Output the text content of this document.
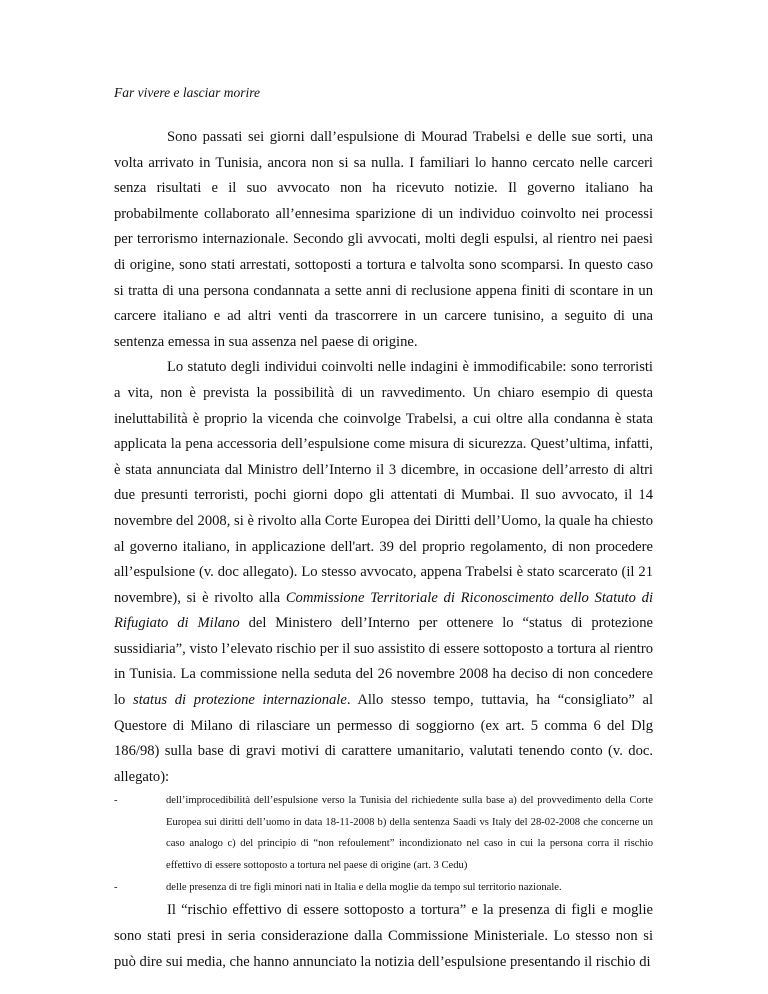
Far vivere e lasciar morire

Sono passati sei giorni dall’espulsione di Mourad Trabelsi e delle sue sorti, una volta arrivato in Tunisia, ancora non si sa nulla. I familiari lo hanno cercato nelle carceri senza risultati e il suo avvocato non ha ricevuto notizie. Il governo italiano ha probabilmente collaborato all’ennesima sparizione di un individuo coinvolto nei processi per terrorismo internazionale. Secondo gli avvocati, molti degli espulsi, al rientro nei paesi di origine, sono stati arrestati, sottoposti a tortura e talvolta sono scomparsi. In questo caso si tratta di una persona condannata a sette anni di reclusione appena finiti di scontare in un carcere italiano e ad altri venti da trascorrere in un carcere tunisino, a seguito di una sentenza emessa in sua assenza nel paese di origine.

Lo statuto degli individui coinvolti nelle indagini è immodificabile: sono terroristi a vita, non è prevista la possibilità di un ravvedimento. Un chiaro esempio di questa ineluttabilità è proprio la vicenda che coinvolge Trabelsi, a cui oltre alla condanna è stata applicata la pena accessoria dell’espulsione come misura di sicurezza. Quest’ultima, infatti, è stata annunciata dal Ministro dell’Interno il 3 dicembre, in occasione dell’arresto di altri due presunti terroristi, pochi giorni dopo gli attentati di Mumbai. Il suo avvocato, il 14 novembre del 2008, si è rivolto alla Corte Europea dei Diritti dell’Uomo, la quale ha chiesto al governo italiano, in applicazione dell'art. 39 del proprio regolamento, di non procedere all’espulsione (v. doc allegato). Lo stesso avvocato, appena Trabelsi è stato scarcerato (il 21 novembre), si è rivolto alla Commissione Territoriale di Riconoscimento dello Statuto di Rifugiato di Milano del Ministero dell’Interno per ottenere lo “status di protezione sussidiaria”, visto l’elevato rischio per il suo assistito di essere sottoposto a tortura al rientro in Tunisia. La commissione nella seduta del 26 novembre 2008 ha deciso di non concedere lo status di protezione internazionale. Allo stesso tempo, tuttavia, ha “consigliato” al Questore di Milano di rilasciare un permesso di soggiorno (ex art. 5 comma 6 del Dlg 186/98) sulla base di gravi motivi di carattere umanitario, valutati tenendo conto (v. doc. allegato):

-	dell’improcedibilità dell’espulsione verso la Tunisia del richiedente sulla base a) del provvedimento della Corte Europea sui diritti dell’uomo in data 18-11-2008 b) della sentenza Saadi vs Italy del 28-02-2008 che concerne un caso analogo c) del principio di “non refoulement” incondizionato nel caso in cui la persona corra il rischio effettivo di essere sottoposto a tortura nel paese di origine (art. 3 Cedu)
-	delle presenza di tre figli minori nati in Italia e della moglie da tempo sul territorio nazionale.

Il “rischio effettivo di essere sottoposto a tortura” e la presenza di figli e moglie sono stati presi in seria considerazione dalla Commissione Ministeriale. Lo stesso non si può dire sui media, che hanno annunciato la notizia dell’espulsione presentando il rischio di
